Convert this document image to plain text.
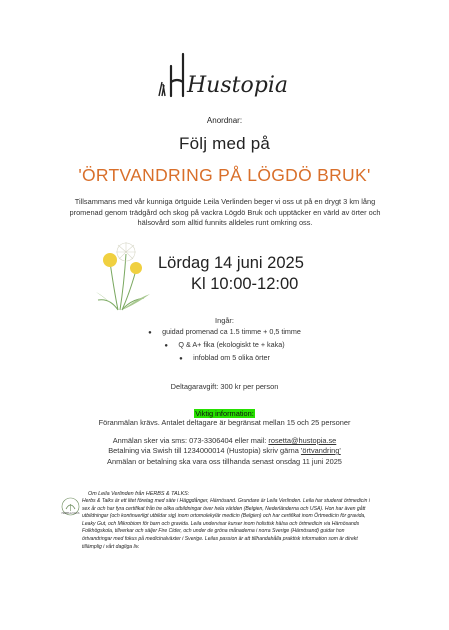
Hustopia
Anordnar:
Följ med på
'ÖRTVANDRING PÅ LÖGDÖ BRUK'
Tillsammans med vår kunniga örtguide Leila Verlinden beger vi oss ut på en drygt 3 km lång promenad genom trädgård och skog på vackra Lögdö Bruk och upptäcker en värld av örter och hälsovård som alltid funnits alldeles runt omkring oss.
Lördag 14 juni 2025
Kl 10:00-12:00
Ingår:
● guidad promenad ca 1.5 timme + 0,5 timme
● Q & A+ fika (ekologiskt te + kaka)
● infoblad om 5 olika örter
Deltagaravgift: 300 kr per person
Viktig information:
Föranmälan krävs. Antalet deltagare är begränsat mellan 15 och 25 personer
Anmälan sker via sms: 073-3306404 eller mail: rosetta@hustopia.se
Betalning via Swish till 1234000014 (Hustopia) skriv gärna 'örtvandring'
Anmälan or betalning ska vara oss tillhanda senast onsdag 11 juni 2025
HERBS & TALKS
Om Leila Verlinden från HERBS & TALKS:
Herbs & Talks är ett litet företag med säte i Häggdånger, Härnösand. Grundare är Leila Verlinden. Leila har studerat örtmedicin i sex år och har fyra certifikat från tre olika utbildningar över hela världen (Belgien, Nederländerna och USA). Hon har även gått utbildningar (och kontinuerligt utbildar sig) inom ortomolekylär medicin (Belgien) och har certifikat inom Örtmedicin för gravida, Leaky Gut, och Mikrobiom för barn och gravida. Leila undervisar kurser inom holistisk hälsa och örtmedicin via Härnösands Folkhögskola, tillverkar och säljer Fire Cider, och under de gröna månaderna i norra Sverige (Härnösand) guidar hon örtvandringar med fokus på medicinalväxter i Sverige. Leilas passion är att tillhandahålla praktisk information som är direkt tillämplig i vårt dagliga liv.
